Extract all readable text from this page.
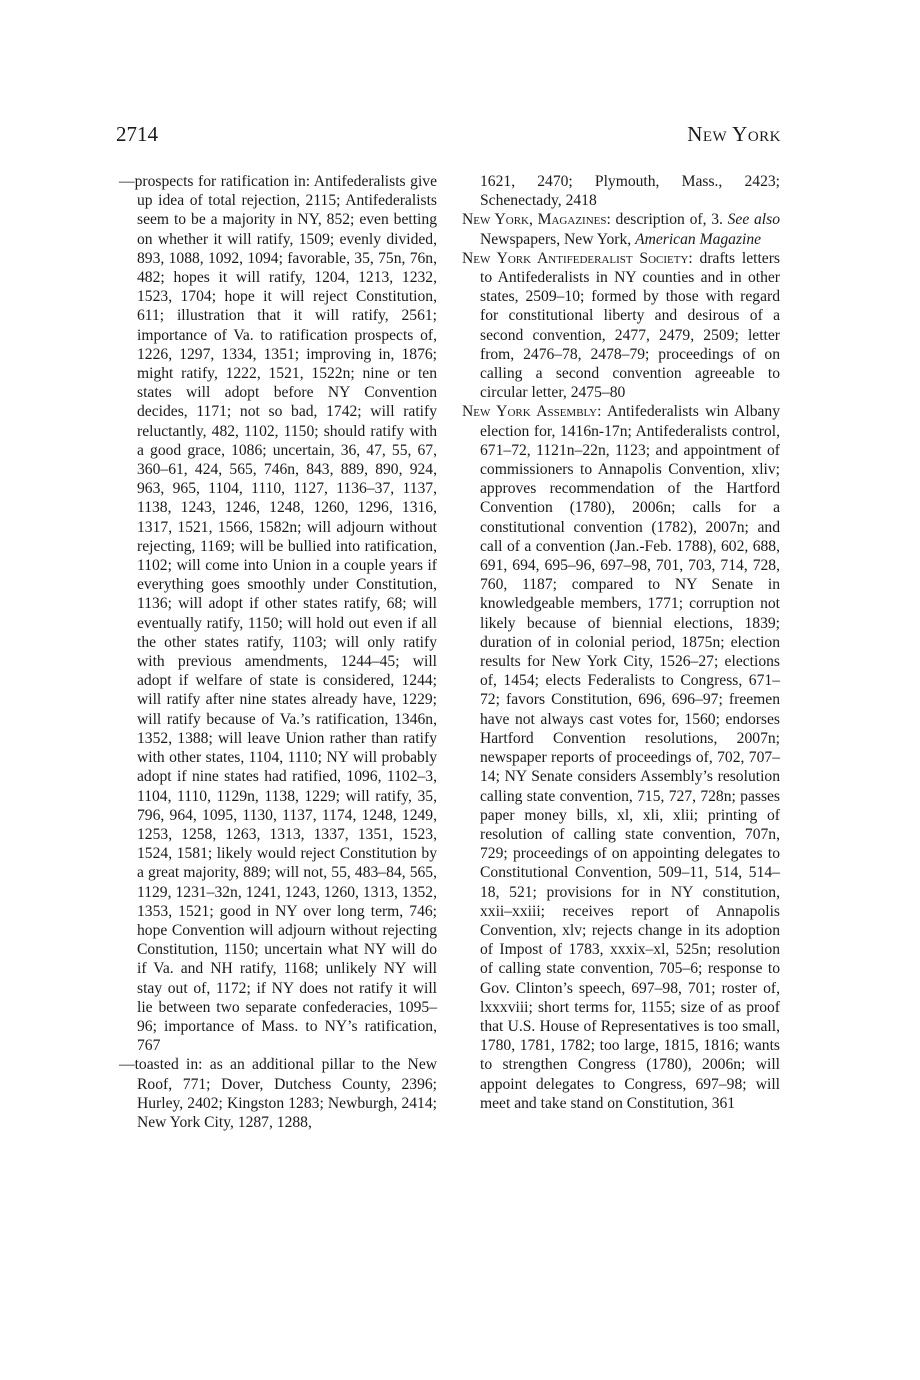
2714	New York

—prospects for ratification in: Antifederalists give up idea of total rejection, 2115; Antifederalists seem to be a majority in NY, 852; even betting on whether it will ratify, 1509; evenly divided, 893, 1088, 1092, 1094; favorable, 35, 75n, 76n, 482; hopes it will ratify, 1204, 1213, 1232, 1523, 1704; hope it will reject Constitution, 611; illustration that it will ratify, 2561; importance of Va. to ratification prospects of, 1226, 1297, 1334, 1351; improving in, 1876; might ratify, 1222, 1521, 1522n; nine or ten states will adopt before NY Convention decides, 1171; not so bad, 1742; will ratify reluctantly, 482, 1102, 1150; should ratify with a good grace, 1086; uncertain, 36, 47, 55, 67, 360–61, 424, 565, 746n, 843, 889, 890, 924, 963, 965, 1104, 1110, 1127, 1136–37, 1137, 1138, 1243, 1246, 1248, 1260, 1296, 1316, 1317, 1521, 1566, 1582n; will adjourn without rejecting, 1169; will be bullied into ratification, 1102; will come into Union in a couple years if everything goes smoothly under Constitution, 1136; will adopt if other states ratify, 68; will eventually ratify, 1150; will hold out even if all the other states ratify, 1103; will only ratify with previous amendments, 1244–45; will adopt if welfare of state is considered, 1244; will ratify after nine states already have, 1229; will ratify because of Va.’s ratification, 1346n, 1352, 1388; will leave Union rather than ratify with other states, 1104, 1110; NY will probably adopt if nine states had ratified, 1096, 1102–3, 1104, 1110, 1129n, 1138, 1229; will ratify, 35, 796, 964, 1095, 1130, 1137, 1174, 1248, 1249, 1253, 1258, 1263, 1313, 1337, 1351, 1523, 1524, 1581; likely would reject Constitution by a great majority, 889; will not, 55, 483–84, 565, 1129, 1231–32n, 1241, 1243, 1260, 1313, 1352, 1353, 1521; good in NY over long term, 746; hope Convention will adjourn without rejecting Constitution, 1150; uncertain what NY will do if Va. and NH ratify, 1168; unlikely NY will stay out of, 1172; if NY does not ratify it will lie between two separate confederacies, 1095–96; importance of Mass. to NY’s ratification, 767

—toasted in: as an additional pillar to the New Roof, 771; Dover, Dutchess County, 2396; Hurley, 2402; Kingston 1283; Newburgh, 2414; New York City, 1287, 1288,

1621, 2470; Plymouth, Mass., 2423; Schenectady, 2418

New York, Magazines: description of, 3. See also Newspapers, New York, American Magazine

New York Antifederalist Society: drafts letters to Antifederalists in NY counties and in other states, 2509–10; formed by those with regard for constitutional liberty and desirous of a second convention, 2477, 2479, 2509; letter from, 2476–78, 2478–79; proceedings of on calling a second convention agreeable to circular letter, 2475–80

New York Assembly: Antifederalists win Albany election for, 1416n-17n; Antifederalists control, 671–72, 1121n–22n, 1123; and appointment of commissioners to Annapolis Convention, xliv; approves recommendation of the Hartford Convention (1780), 2006n; calls for a constitutional convention (1782), 2007n; and call of a convention (Jan.-Feb. 1788), 602, 688, 691, 694, 695–96, 697–98, 701, 703, 714, 728, 760, 1187; compared to NY Senate in knowledgeable members, 1771; corruption not likely because of biennial elections, 1839; duration of in colonial period, 1875n; election results for New York City, 1526–27; elections of, 1454; elects Federalists to Congress, 671–72; favors Constitution, 696, 696–97; freemen have not always cast votes for, 1560; endorses Hartford Convention resolutions, 2007n; newspaper reports of proceedings of, 702, 707–14; NY Senate considers Assembly’s resolution calling state convention, 715, 727, 728n; passes paper money bills, xl, xli, xlii; printing of resolution of calling state convention, 707n, 729; proceedings of on appointing delegates to Constitutional Convention, 509–11, 514, 514–18, 521; provisions for in NY constitution, xxii–xxiii; receives report of Annapolis Convention, xlv; rejects change in its adoption of Impost of 1783, xxxix–xl, 525n; resolution of calling state convention, 705–6; response to Gov. Clinton’s speech, 697–98, 701; roster of, lxxxviii; short terms for, 1155; size of as proof that U.S. House of Representatives is too small, 1780, 1781, 1782; too large, 1815, 1816; wants to strengthen Congress (1780), 2006n; will appoint delegates to Congress, 697–98; will meet and take stand on Constitution, 361
